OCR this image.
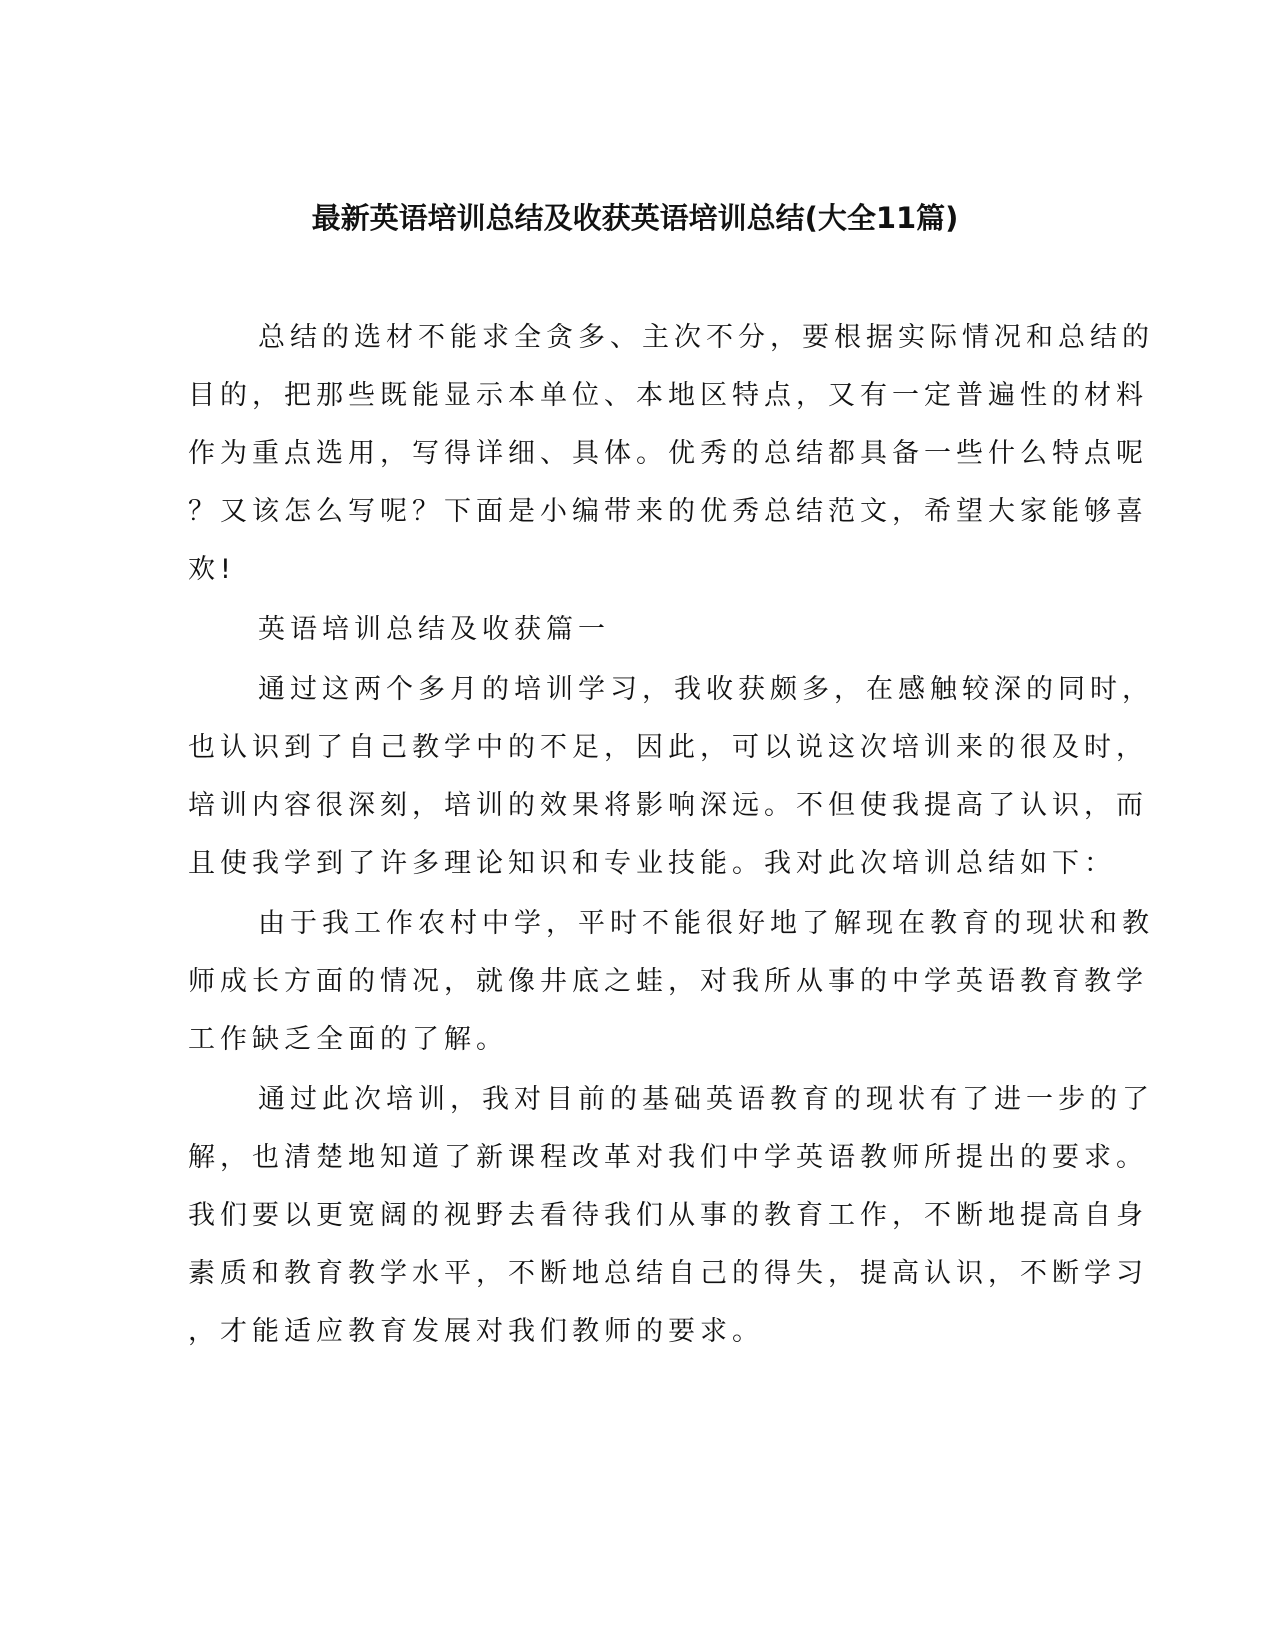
最新英语培训总结及收获英语培训总结(大全11篇)
总结的选材不能求全贪多、主次不分，要根据实际情况和总结的
目的，把那些既能显示本单位、本地区特点，又有一定普遍性的材料
作为重点选用，写得详细、具体。优秀的总结都具备一些什么特点呢
？又该怎么写呢？下面是小编带来的优秀总结范文，希望大家能够喜
欢!
英语培训总结及收获篇一
通过这两个多月的培训学习，我收获颇多，在感触较深的同时，
也认识到了自己教学中的不足，因此，可以说这次培训来的很及时，
培训内容很深刻，培训的效果将影响深远。不但使我提高了认识，而
且使我学到了许多理论知识和专业技能。我对此次培训总结如下：
由于我工作农村中学，平时不能很好地了解现在教育的现状和教
师成长方面的情况，就像井底之蛙，对我所从事的中学英语教育教学
工作缺乏全面的了解。
通过此次培训，我对目前的基础英语教育的现状有了进一步的了
解，也清楚地知道了新课程改革对我们中学英语教师所提出的要求。
我们要以更宽阔的视野去看待我们从事的教育工作，不断地提高自身
素质和教育教学水平，不断地总结自己的得失，提高认识，不断学习
，才能适应教育发展对我们教师的要求。
